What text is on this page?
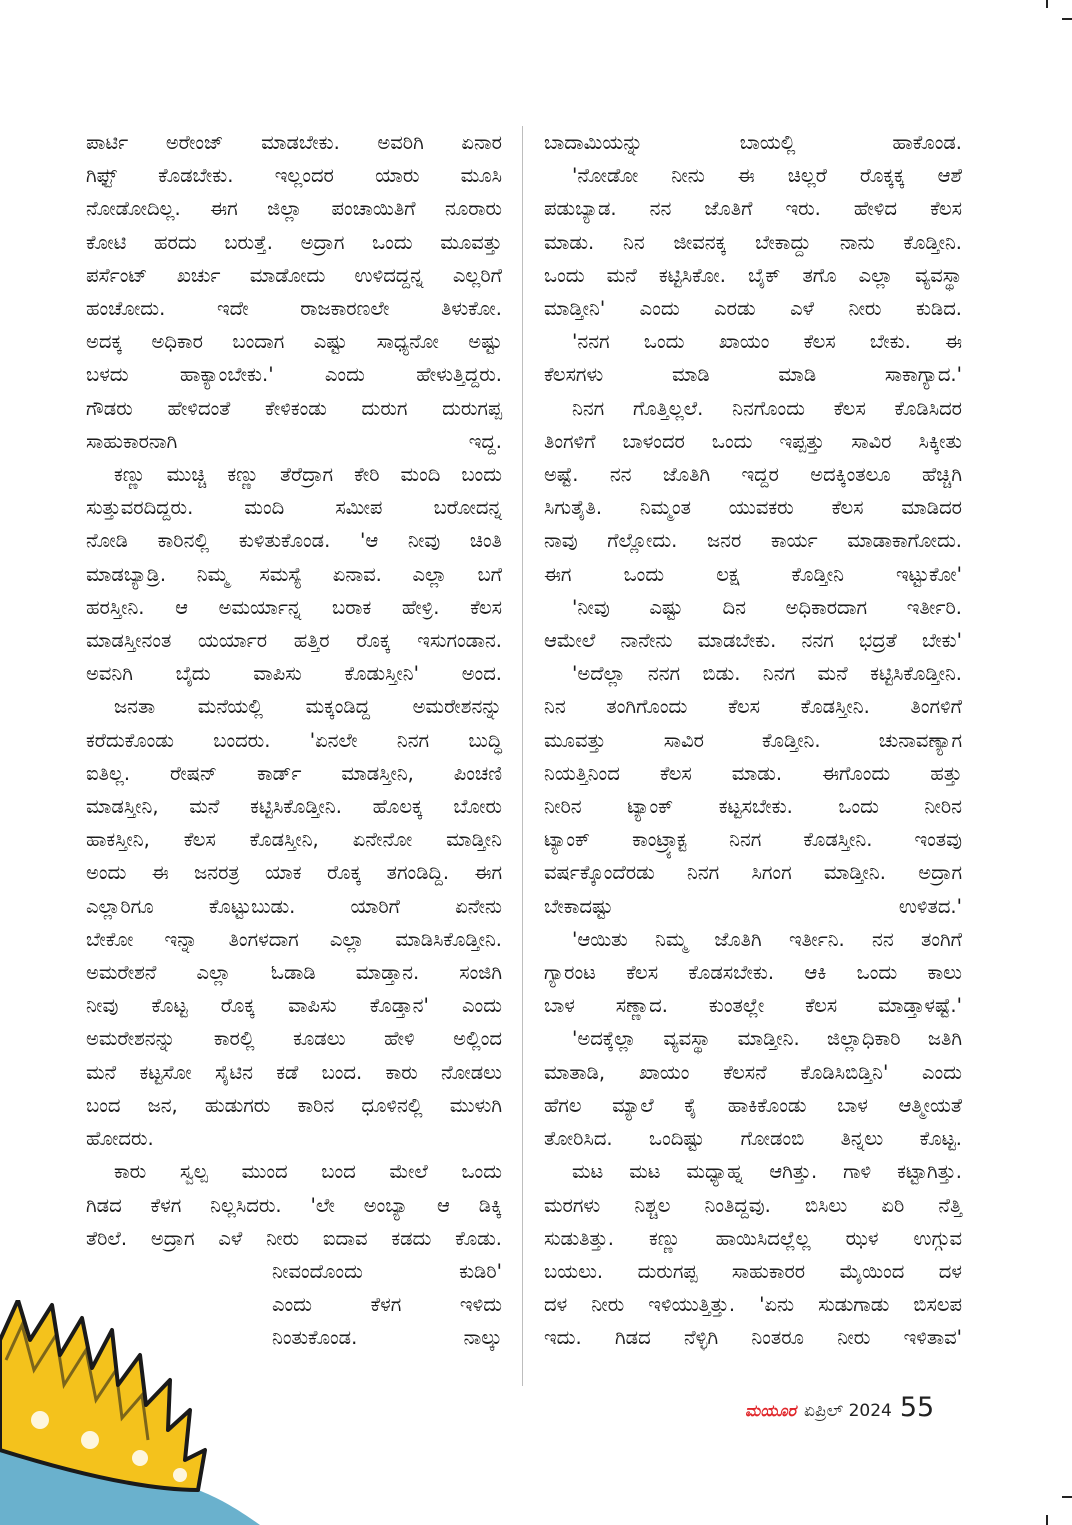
ಪಾರ್ಟಿ ಅರೇಂಜ್ ಮಾಡಬೇಕು. ಅವರಿಗಿ ಏನಾರ

ಗಿಫ್ಟ್ ಕೊಡಬೇಕು. ಇಲ್ಲಂದರ ಯಾರು ಮೂಸಿ

ನೋಡೋದಿಲ್ಲ. ಈಗ ಜಿಲ್ಲಾ ಪಂಚಾಯಿತಿಗೆ ನೂರಾರು

ಕೋಟಿ ಹರದು ಬರುತ್ತೆ. ಅದ್ರಾಗ ಒಂದು ಮೂವತ್ತು

ಪರ್ಸೆಂಟ್ ಖರ್ಚು ಮಾಡೋದು ಉಳಿದದ್ದನ್ನ ಎಲ್ಲರಿಗೆ

ಹಂಚೋದು. ಇದೇ ರಾಜಕಾರಣಲೇ ತಿಳುಕೋ.

ಅದಕ್ಕ ಅಧಿಕಾರ ಬಂದಾಗ ಎಷ್ಟು ಸಾಧ್ಯನೋ ಅಷ್ಟು

ಬಳದು ಹಾಕ್ಯಾಂಬೇಕು.' ಎಂದು ಹೇಳುತ್ತಿದ್ದರು.

ಗೌಡರು ಹೇಳಿದಂತೆ ಕೇಳಿಕಂಡು ದುರುಗ ದುರುಗಪ್ಪ

ಸಾಹುಕಾರನಾಗಿ ಇದ್ದ.

ಕಣ್ಣು ಮುಚ್ಚಿ ಕಣ್ಣು ತೆರೆದ್ರಾಗ ಕೇರಿ ಮಂದಿ ಬಂದು

ಸುತ್ತುವರದಿದ್ದರು. ಮಂದಿ ಸಮೀಪ ಬರೋದನ್ನ

ನೋಡಿ ಕಾರಿನಲ್ಲಿ ಕುಳಿತುಕೊಂಡ. 'ಆ ನೀವು ಚಿಂತಿ

ಮಾಡಬ್ಯಾಡ್ರಿ. ನಿಮ್ಮ ಸಮಸ್ಯೆ ಏನಾವ. ಎಲ್ಲಾ ಬಗೆ

ಹರಸ್ತೀನಿ. ಆ ಅಮರ್ಯಾನ್ನ ಬರಾಕ ಹೇಳ್ರಿ. ಕೆಲಸ

ಮಾಡಸ್ತೀನಂತ ಯರ್ಯಾರ ಹತ್ತಿರ ರೊಕ್ಕ ಇಸುಗಂಡಾನ.

ಅವನಿಗಿ ಬೈದು ವಾಪಿಸು ಕೊಡುಸ್ತೀನಿ' ಅಂದ.

ಜನತಾ ಮನೆಯಲ್ಲಿ ಮಕ್ಕಂಡಿದ್ದ ಅಮರೇಶನನ್ನು

ಕರೆದುಕೊಂಡು ಬಂದರು. 'ಏನಲೇ ನಿನಗ ಬುದ್ಧಿ

ಐತಿಲ್ಲ. ರೇಷನ್ ಕಾರ್ಡ್ ಮಾಡಸ್ತೀನಿ, ಪಿಂಚಣಿ

ಮಾಡಸ್ತೀನಿ, ಮನೆ ಕಟ್ಟಿಸಿಕೊಡ್ತೀನಿ. ಹೊಲಕ್ಕ ಬೋರು

ಹಾಕಸ್ತೀನಿ, ಕೆಲಸ ಕೊಡಸ್ತೀನಿ, ಏನೇನೋ ಮಾಡ್ತೀನಿ

ಅಂದು ಈ ಜನರತ್ರ ಯಾಕ ರೊಕ್ಕ ತಗಂಡಿದ್ದಿ. ಈಗ

ಎಲ್ಲಾರಿಗೂ ಕೊಟ್ಟುಬುಡು. ಯಾರಿಗೆ ಏನೇನು

ಬೇಕೋ ಇನ್ನಾ ತಿಂಗಳದಾಗ ಎಲ್ಲಾ ಮಾಡಿಸಿಕೊಡ್ತೀನಿ.

ಅಮರೇಶನೆ ಎಲ್ಲಾ ಓಡಾಡಿ ಮಾಡ್ತಾನ. ಸಂಜಿಗಿ

ನೀವು ಕೊಟ್ಟ ರೊಕ್ಕ ವಾಪಿಸು ಕೊಡ್ತಾನ' ಎಂದು

ಅಮರೇಶನನ್ನು ಕಾರಲ್ಲಿ ಕೂಡಲು ಹೇಳಿ ಅಲ್ಲಿಂದ

ಮನೆ ಕಟ್ಟಸೋ ಸೈಟಿನ ಕಡೆ ಬಂದ. ಕಾರು ನೋಡಲು

ಬಂದ ಜನ, ಹುಡುಗರು ಕಾರಿನ ಧೂಳಿನಲ್ಲಿ ಮುಳುಗಿ

ಹೋದರು.

ಕಾರು ಸ್ವಲ್ಪ ಮುಂದ ಬಂದ ಮೇಲೆ ಒಂದು

ಗಿಡದ ಕೆಳಗ ನಿಲ್ಲಸಿದರು. 'ಲೇ ಅಂಬ್ಯಾ ಆ ಡಿಕ್ಕಿ

ತೆರಿಲೆ. ಅದ್ರಾಗ ಎಳೆ ನೀರು ಐದಾವ ಕಡದು ಕೊಡು.

ನೀವಂದೊಂದು ಕುಡಿರಿ'

ಎಂದು ಕೆಳಗ ಇಳಿದು

ನಿಂತುಕೊಂಡ. ನಾಲ್ಕು

ಬಾದಾಮಿಯನ್ನು ಬಾಯಲ್ಲಿ ಹಾಕೊಂಡ.

'ನೋಡೋ ನೀನು ಈ ಚಿಲ್ಲರೆ ರೊಕ್ಕಕ್ಕ ಆಶೆ

ಪಡುಬ್ಯಾಡ. ನನ ಜೊತಿಗೆ ಇರು. ಹೇಳಿದ ಕೆಲಸ

ಮಾಡು. ನಿನ ಜೀವನಕ್ಕ ಬೇಕಾದ್ದು ನಾನು ಕೊಡ್ತೀನಿ.

ಒಂದು ಮನೆ ಕಟ್ಟಿಸಿಕೋ. ಬೈಕ್ ತಗೊ ಎಲ್ಲಾ ವ್ಯವಸ್ಥಾ

ಮಾಡ್ತೀನಿ' ಎಂದು ಎರಡು ಎಳೆ ನೀರು ಕುಡಿದ.

'ನನಗ ಒಂದು ಖಾಯಂ ಕೆಲಸ ಬೇಕು. ಈ

ಕೆಲಸಗಳು ಮಾಡಿ ಮಾಡಿ ಸಾಕಾಗ್ಯಾದ.'

ನಿನಗ ಗೊತ್ತಿಲ್ಲಲೆ. ನಿನಗೊಂದು ಕೆಲಸ ಕೊಡಿಸಿದರ

ತಿಂಗಳಿಗೆ ಬಾಳಂದರ ಒಂದು ಇಪ್ಪತ್ತು ಸಾವಿರ ಸಿಕ್ಕೀತು

ಅಷ್ಟೆ. ನನ ಜೊತಿಗಿ ಇದ್ದರ ಅದಕ್ಕಿಂತಲೂ ಹೆಚ್ಚಿಗಿ

ಸಿಗುತೈತಿ. ನಿಮ್ಮಂತ ಯುವಕರು ಕೆಲಸ ಮಾಡಿದರ

ನಾವು ಗೆಲ್ಲೋದು. ಜನರ ಕಾರ್ಯ ಮಾಡಾಕಾಗೋದು.

ಈಗ ಒಂದು ಲಕ್ಷ ಕೊಡ್ತೀನಿ ಇಟ್ಟುಕೋ'

'ನೀವು ಎಷ್ಟು ದಿನ ಅಧಿಕಾರದಾಗ ಇರ್ತೀರಿ.

ಆಮೇಲೆ ನಾನೇನು ಮಾಡಬೇಕು. ನನಗ ಭದ್ರತೆ ಬೇಕು'

'ಅದೆಲ್ಲಾ ನನಗ ಬಿಡು. ನಿನಗ ಮನೆ ಕಟ್ಟಿಸಿಕೊಡ್ತೀನಿ.

ನಿನ ತಂಗಿಗೊಂದು ಕೆಲಸ ಕೊಡಸ್ತೀನಿ. ತಿಂಗಳಿಗೆ

ಮೂವತ್ತು ಸಾವಿರ ಕೊಡ್ತೀನಿ. ಚುನಾವಣ್ಯಾಗ

ನಿಯತ್ತಿನಿಂದ ಕೆಲಸ ಮಾಡು. ಈಗೊಂದು ಹತ್ತು

ನೀರಿನ ಟ್ಯಾಂಕ್ ಕಟ್ಟಸಬೇಕು. ಒಂದು ನೀರಿನ

ಟ್ಯಾಂಕ್ ಕಾಂಟ್ರ್ಯಾಕ್ಟ ನಿನಗ ಕೊಡಸ್ತೀನಿ. ಇಂತವು

ವರ್ಷಕ್ಕೊಂದೆರಡು ನಿನಗ ಸಿಗಂಗ ಮಾಡ್ತೀನಿ. ಅದ್ರಾಗ

ಬೇಕಾದಷ್ಟು ಉಳಿತದ.'

'ಆಯಿತು ನಿಮ್ಮ ಜೊತಿಗಿ ಇರ್ತೀನಿ. ನನ ತಂಗಿಗೆ

ಗ್ಯಾರಂಟ ಕೆಲಸ ಕೊಡಸಬೇಕು. ಆಕಿ ಒಂದು ಕಾಲು

ಬಾಳ ಸಣ್ಣಾದ. ಕುಂತಲ್ಲೇ ಕೆಲಸ ಮಾಡ್ತಾಳಷ್ಟೆ.'

'ಅದಕ್ಕೆಲ್ಲಾ ವ್ಯವಸ್ಥಾ ಮಾಡ್ತೀನಿ. ಜಿಲ್ಲಾಧಿಕಾರಿ ಜತಿಗಿ

ಮಾತಾಡಿ, ಖಾಯಂ ಕೆಲಸನೆ ಕೊಡಿಸಿಬಿಡ್ತಿನಿ' ಎಂದು

ಹೆಗಲ ಮ್ಯಾಲೆ ಕೈ ಹಾಕಿಕೊಂಡು ಬಾಳ ಆತ್ಮೀಯತೆ

ತೋರಿಸಿದ. ಒಂದಿಷ್ಟು ಗೋಡಂಬಿ ತಿನ್ನಲು ಕೊಟ್ಟ.

ಮಟ ಮಟ ಮಧ್ಯಾಹ್ನ ಆಗಿತ್ತು. ಗಾಳಿ ಕಟ್ಟಾಗಿತ್ತು.

ಮರಗಳು ನಿಶ್ಚಲ ನಿಂತಿದ್ದವು. ಬಿಸಿಲು ಏರಿ ನೆತ್ತಿ

ಸುಡುತಿತ್ತು. ಕಣ್ಣು ಹಾಯಿಸಿದಲ್ಲೆಲ್ಲ ಝಳ ಉಗ್ಗುವ

ಬಯಲು. ದುರುಗಪ್ಪ ಸಾಹುಕಾರರ ಮೈಯಿಂದ ದಳ

ದಳ ನೀರು ಇಳಿಯುತ್ತಿತ್ತು. 'ಏನು ಸುಡುಗಾಡು ಬಿಸಲಪ

ಇದು. ಗಿಡದ ನೆಳ್ಳಿಗಿ ನಿಂತರೂ ನೀರು ಇಳಿತಾವ'

ಮಯೂರ ಏಪ್ರಿಲ್ 2024 55
